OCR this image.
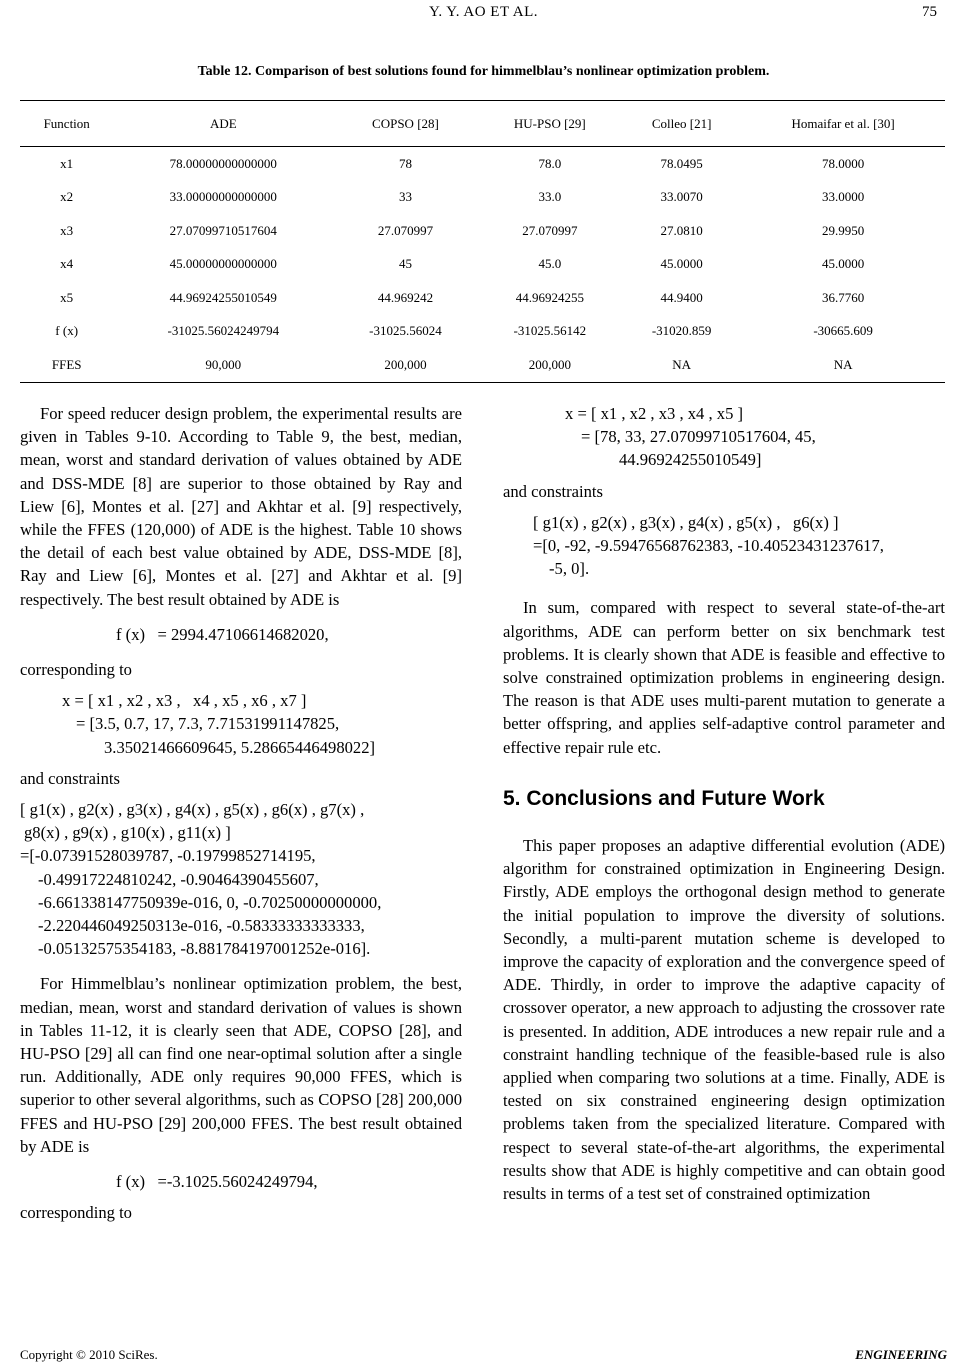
Y. Y. AO ET AL.	75
Table 12. Comparison of best solutions found for himmelblau’s nonlinear optimization problem.
Function	ADE	COPSO [28]	HU-PSO [29]	Colleo [21]	Homaifar et al. [30]
x1	78.00000000000000	78	78.0	78.0495	78.0000
x2	33.00000000000000	33	33.0	33.0070	33.0000
x3	27.07099710517604	27.070997	27.070997	27.0810	29.9950
x4	45.00000000000000	45	45.0	45.0000	45.0000
x5	44.96924255010549	44.969242	44.96924255	44.9400	36.7760
f (x)	-31025.56024249794	-31025.56024	-31025.56142	-31020.859	-30665.609
FFES	90,000	200,000	200,000	NA	NA

For speed reducer design problem, the experimental results are given in Tables 9-10. According to Table 9, the best, median, mean, worst and standard derivation of values obtained by ADE and DSS-MDE [8] are superior to those obtained by Ray and Liew [6], Montes et al. [27] and Akhtar et al. [9] respectively, while the FFES (120,000) of ADE is the highest. Table 10 shows the detail of each best value obtained by ADE, DSS-MDE [8], Ray and Liew [6], Montes et al. [27] and Akhtar et al. [9] respectively. The best result obtained by ADE is

f (x)   = 2994.47106614682020,

corresponding to

x = [ x1 , x2 , x3 ,   x4 , x5 , x6 , x7 ]
= [3.5, 0.7, 17, 7.3, 7.71531991147825,
3.35021466609645, 5.28665446498022]

and constraints

[ g1(x) , g2(x) , g3(x) , g4(x) , g5(x) , g6(x) , g7(x) ,
g8(x) , g9(x) , g10(x) , g11(x) ]
=[-0.07391528039787, -0.19799852714195,
-0.49917224810242, -0.90464390455607,
-6.661338147750939e-016, 0, -0.70250000000000,
-2.220446049250313e-016, -0.58333333333333,
-0.05132575354183, -8.881784197001252e-016].

For Himmelblau’s nonlinear optimization problem, the best, median, mean, worst and standard derivation of values is shown in Tables 11-12, it is clearly seen that ADE, COPSO [28], and HU-PSO [29] all can find one near-optimal solution after a single run. Additionally, ADE only requires 90,000 FFES, which is superior to other several algorithms, such as COPSO [28] 200,000 FFES and HU-PSO [29] 200,000 FFES. The best result obtained by ADE is

f (x)   =-3.1025.56024249794,

corresponding to

x = [ x1 , x2 , x3 , x4 , x5 ]
= [78, 33, 27.07099710517604, 45,
44.96924255010549]

and constraints

[ g1(x) , g2(x) , g3(x) , g4(x) , g5(x) ,   g6(x) ]
=[0, -92, -9.59476568762383, -10.40523431237617,
-5, 0].

In sum, compared with respect to several state-of-the-art algorithms, ADE can perform better on six benchmark test problems. It is clearly shown that ADE is feasible and effective to solve constrained optimization problems in engineering design. The reason is that ADE uses multi-parent mutation to generate a better offspring, and applies self-adaptive control parameter and effective repair rule etc.

5. Conclusions and Future Work

This paper proposes an adaptive differential evolution (ADE) algorithm for constrained optimization in Engineering Design. Firstly, ADE employs the orthogonal design method to generate the initial population to improve the diversity of solutions. Secondly, a multi-parent mutation scheme is developed to improve the capacity of exploration and the convergence speed of ADE. Thirdly, in order to improve the adaptive capacity of crossover operator, a new approach to adjusting the crossover rate is presented. In addition, ADE introduces a new repair rule and a constraint handling technique of the feasible-based rule is also applied when comparing two solutions at a time. Finally, ADE is tested on six constrained engineering design optimization problems taken from the specialized literature. Compared with respect to several state-of-the-art algorithms, the experimental results show that ADE is highly competitive and can obtain good results in terms of a test set of constrained optimization

Copyright © 2010 SciRes.	ENGINEERING
